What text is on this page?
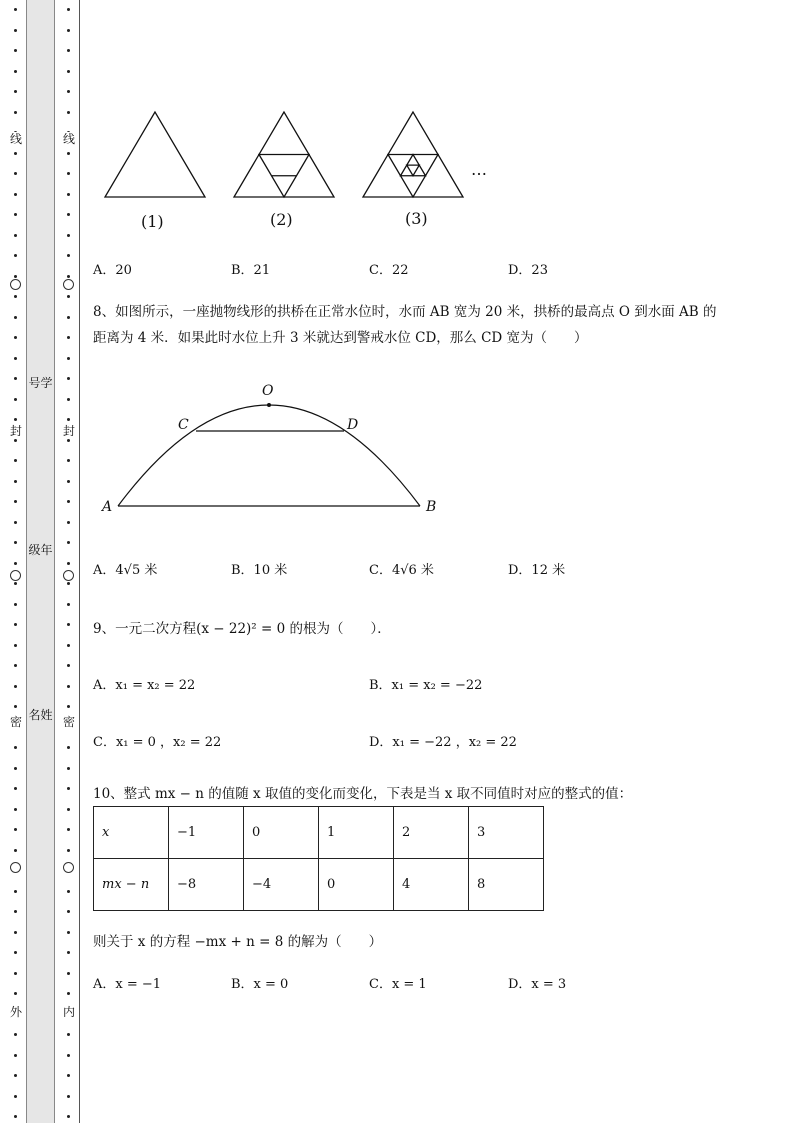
线
封
密
外
号学
级年
名姓
线
封
密
内
(1)	(2)	(3)
…
A．20	B．21	C．22	D．23
8、如图所示，一座抛物线形的拱桥在正常水位时，水而 AB 宽为 20 米，拱桥的最高点 O 到水面 AB 的
距离为 4 米．如果此时水位上升 3 米就达到警戒水位 CD，那么 CD 宽为（　　）
O
C	D
A	B
A．4√5 米	B．10 米	C．4√6 米	D．12 米
9、一元二次方程(x − 22)² = 0 的根为（　　）．
A．x₁ = x₂ = 22	B．x₁ = x₂ = −22
C．x₁ = 0 ，x₂ = 22	D．x₁ = −22 ，x₂ = 22
10、整式 mx − n 的值随 x 取值的变化而变化，下表是当 x 取不同值时对应的整式的值：
x	−1	0	1	2	3
mx − n	−8	−4	0	4	8
则关于 x 的方程 −mx + n = 8 的解为（　　）
A．x = −1	B．x = 0	C．x = 1	D．x = 3
